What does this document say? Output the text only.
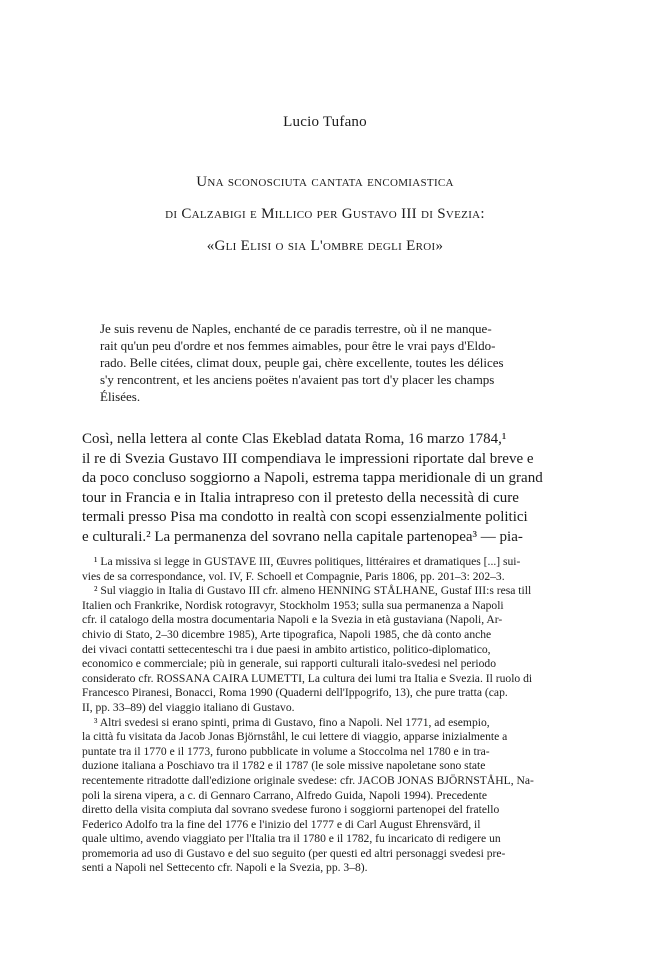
Lucio Tufano
Una sconosciuta cantata encomiastica
di Calzabigi e Millico per Gustavo III di Svezia:
«Gli Elisi o sia L'ombre degli Eroi»
Je suis revenu de Naples, enchanté de ce paradis terrestre, où il ne manque-
rait qu'un peu d'ordre et nos femmes aimables, pour être le vrai pays d'Eldo-
rado. Belle citées, climat doux, peuple gai, chère excellente, toutes les délices
s'y rencontrent, et les anciens poëtes n'avaient pas tort d'y placer les champs
Élisées.
Così, nella lettera al conte Clas Ekeblad datata Roma, 16 marzo 1784,¹
il re di Svezia Gustavo III compendiava le impressioni riportate dal breve e
da poco concluso soggiorno a Napoli, estrema tappa meridionale di un grand
tour in Francia e in Italia intrapreso con il pretesto della necessità di cure
termali presso Pisa ma condotto in realtà con scopi essenzialmente politici
e culturali.² La permanenza del sovrano nella capitale partenopea³ — pia-
¹ La missiva si legge in GUSTAVE III, Œuvres politiques, littéraires et dramatiques [...] sui-
vies de sa correspondance, vol. IV, F. Schoell et Compagnie, Paris 1806, pp. 201–3: 202–3.
² Sul viaggio in Italia di Gustavo III cfr. almeno HENNING STÅLHANE, Gustaf III:s resa till
Italien och Frankrike, Nordisk rotogravyr, Stockholm 1953; sulla sua permanenza a Napoli
cfr. il catalogo della mostra documentaria Napoli e la Svezia in età gustaviana (Napoli, Ar-
chivio di Stato, 2–30 dicembre 1985), Arte tipografica, Napoli 1985, che dà conto anche
dei vivaci contatti settecenteschi tra i due paesi in ambito artistico, politico-diplomatico,
economico e commerciale; più in generale, sui rapporti culturali italo-svedesi nel periodo
considerato cfr. ROSSANA CAIRA LUMETTI, La cultura dei lumi tra Italia e Svezia. Il ruolo di
Francesco Piranesi, Bonacci, Roma 1990 (Quaderni dell'Ippogrifo, 13), che pure tratta (cap.
II, pp. 33–89) del viaggio italiano di Gustavo.
³ Altri svedesi si erano spinti, prima di Gustavo, fino a Napoli. Nel 1771, ad esempio,
la città fu visitata da Jacob Jonas Björnståhl, le cui lettere di viaggio, apparse inizialmente a
puntate tra il 1770 e il 1773, furono pubblicate in volume a Stoccolma nel 1780 e in tra-
duzione italiana a Poschiavo tra il 1782 e il 1787 (le sole missive napoletane sono state
recentemente ritradotte dall'edizione originale svedese: cfr. JACOB JONAS BJÖRNSTÅHL, Na-
poli la sirena vipera, a c. di Gennaro Carrano, Alfredo Guida, Napoli 1994). Precedente
diretto della visita compiuta dal sovrano svedese furono i soggiorni partenopei del fratello
Federico Adolfo tra la fine del 1776 e l'inizio del 1777 e di Carl August Ehrensvärd, il
quale ultimo, avendo viaggiato per l'Italia tra il 1780 e il 1782, fu incaricato di redigere un
promemoria ad uso di Gustavo e del suo seguito (per questi ed altri personaggi svedesi pre-
senti a Napoli nel Settecento cfr. Napoli e la Svezia, pp. 3–8).
